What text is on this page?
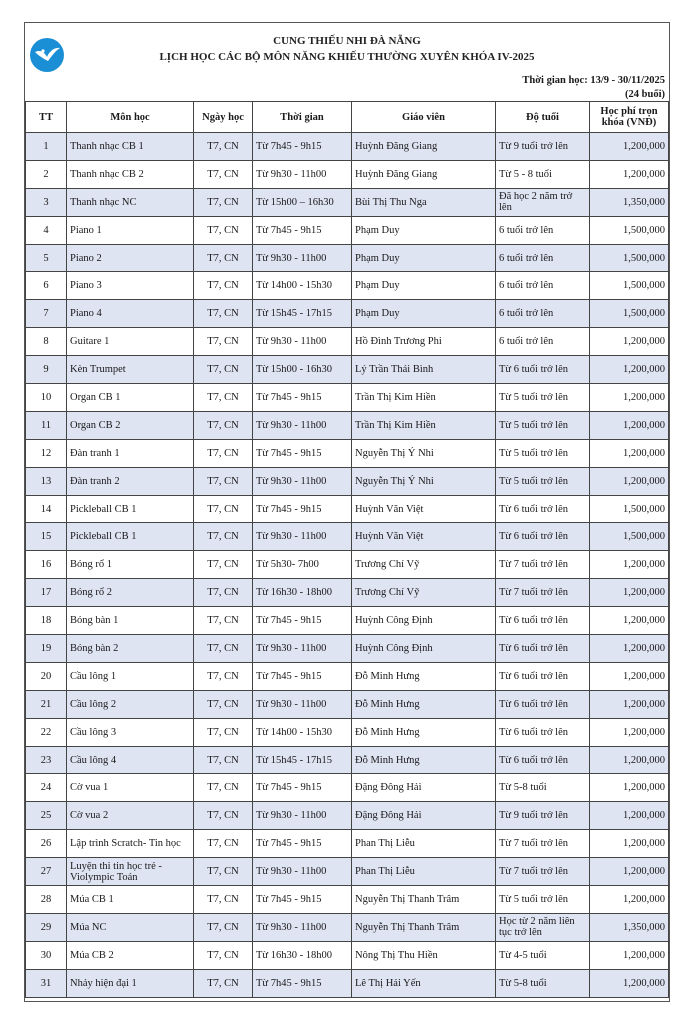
CUNG THIẾU NHI ĐÀ NẴNG
LỊCH HỌC CÁC BỘ MÔN NĂNG KHIẾU THƯỜNG XUYÊN KHÓA IV-2025
Thời gian học: 13/9 - 30/11/2025
(24 buổi)
TT	Môn học	Ngày học	Thời gian	Giáo viên	Độ tuổi	Học phí trọn khóa (VNĐ)
1	Thanh nhạc CB 1	T7, CN	Từ 7h45 - 9h15	Huỳnh Đăng Giang	Từ 9 tuổi trở lên	1,200,000
2	Thanh nhạc CB 2	T7, CN	Từ 9h30 - 11h00	Huỳnh Đăng Giang	Từ 5 - 8 tuổi	1,200,000
3	Thanh nhạc NC	T7, CN	Từ 15h00 – 16h30	Bùi Thị Thu Nga	Đã học 2 năm trở lên	1,350,000
4	Piano 1	T7, CN	Từ 7h45 - 9h15	Phạm Duy	6 tuổi trở lên	1,500,000
5	Piano 2	T7, CN	Từ 9h30 - 11h00	Phạm Duy	6 tuổi trở lên	1,500,000
6	Piano 3	T7, CN	Từ 14h00 - 15h30	Phạm Duy	6 tuổi trở lên	1,500,000
7	Piano 4	T7, CN	Từ 15h45 - 17h15	Phạm Duy	6 tuổi trở lên	1,500,000
8	Guitare 1	T7, CN	Từ 9h30 - 11h00	Hồ Đình Trương Phi	6 tuổi trở lên	1,200,000
9	Kèn Trumpet	T7, CN	Từ 15h00 - 16h30	Lý Trần Thái Bình	Từ 6 tuổi trở lên	1,200,000
10	Organ CB 1	T7, CN	Từ 7h45 - 9h15	Trần Thị Kim Hiền	Từ 5 tuổi trở lên	1,200,000
11	Organ CB 2	T7, CN	Từ 9h30 - 11h00	Trần Thị Kim Hiền	Từ 5 tuổi trở lên	1,200,000
12	Đàn tranh 1	T7, CN	Từ 7h45 - 9h15	Nguyễn Thị Ý Nhi	Từ 5 tuổi trở lên	1,200,000
13	Đàn tranh 2	T7, CN	Từ 9h30 - 11h00	Nguyễn Thị Ý Nhi	Từ 5 tuổi trở lên	1,200,000
14	Pickleball CB 1	T7, CN	Từ 7h45 - 9h15	Huỳnh Văn Việt	Từ 6 tuổi trở lên	1,500,000
15	Pickleball CB 1	T7, CN	Từ 9h30 - 11h00	Huỳnh Văn Việt	Từ 6 tuổi trở lên	1,500,000
16	Bóng rổ 1	T7, CN	Từ 5h30- 7h00	Trương Chí Vỹ	Từ 7 tuổi trở lên	1,200,000
17	Bóng rổ 2	T7, CN	Từ 16h30 - 18h00	Trương Chí Vỹ	Từ 7 tuổi trở lên	1,200,000
18	Bóng bàn 1	T7, CN	Từ 7h45 - 9h15	Huỳnh Công Định	Từ 6 tuổi trở lên	1,200,000
19	Bóng bàn 2	T7, CN	Từ 9h30 - 11h00	Huỳnh Công Định	Từ 6 tuổi trở lên	1,200,000
20	Cầu lông 1	T7, CN	Từ 7h45 - 9h15	Đỗ Minh Hưng	Từ 6 tuổi trở lên	1,200,000
21	Cầu lông 2	T7, CN	Từ 9h30 - 11h00	Đỗ Minh Hưng	Từ 6 tuổi trở lên	1,200,000
22	Cầu lông 3	T7, CN	Từ 14h00 - 15h30	Đỗ Minh Hưng	Từ 6 tuổi trở lên	1,200,000
23	Cầu lông 4	T7, CN	Từ 15h45 - 17h15	Đỗ Minh Hưng	Từ 6 tuổi trở lên	1,200,000
24	Cờ vua 1	T7, CN	Từ 7h45 - 9h15	Đặng Đông Hải	Từ 5-8 tuổi	1,200,000
25	Cờ vua 2	T7, CN	Từ 9h30 - 11h00	Đặng Đông Hải	Từ 9 tuổi trở lên	1,200,000
26	Lập trình Scratch- Tin học	T7, CN	Từ 7h45 - 9h15	Phan Thị Liễu	Từ 7 tuổi trở lên	1,200,000
27	Luyện thi tin học trẻ - Violympic Toán	T7, CN	Từ 9h30 - 11h00	Phan Thị Liễu	Từ 7 tuổi trở lên	1,200,000
28	Múa CB 1	T7, CN	Từ 7h45 - 9h15	Nguyễn Thị Thanh Trâm	Từ 5 tuổi trở lên	1,200,000
29	Múa NC	T7, CN	Từ 9h30 - 11h00	Nguyễn Thị Thanh Trâm	Học từ 2 năm liên tục trở lên	1,350,000
30	Múa CB 2	T7, CN	Từ 16h30 - 18h00	Nông Thị Thu Hiền	Từ 4-5 tuổi	1,200,000
31	Nhảy hiện đại 1	T7, CN	Từ 7h45 - 9h15	Lê Thị Hải Yến	Từ 5-8 tuổi	1,200,000
